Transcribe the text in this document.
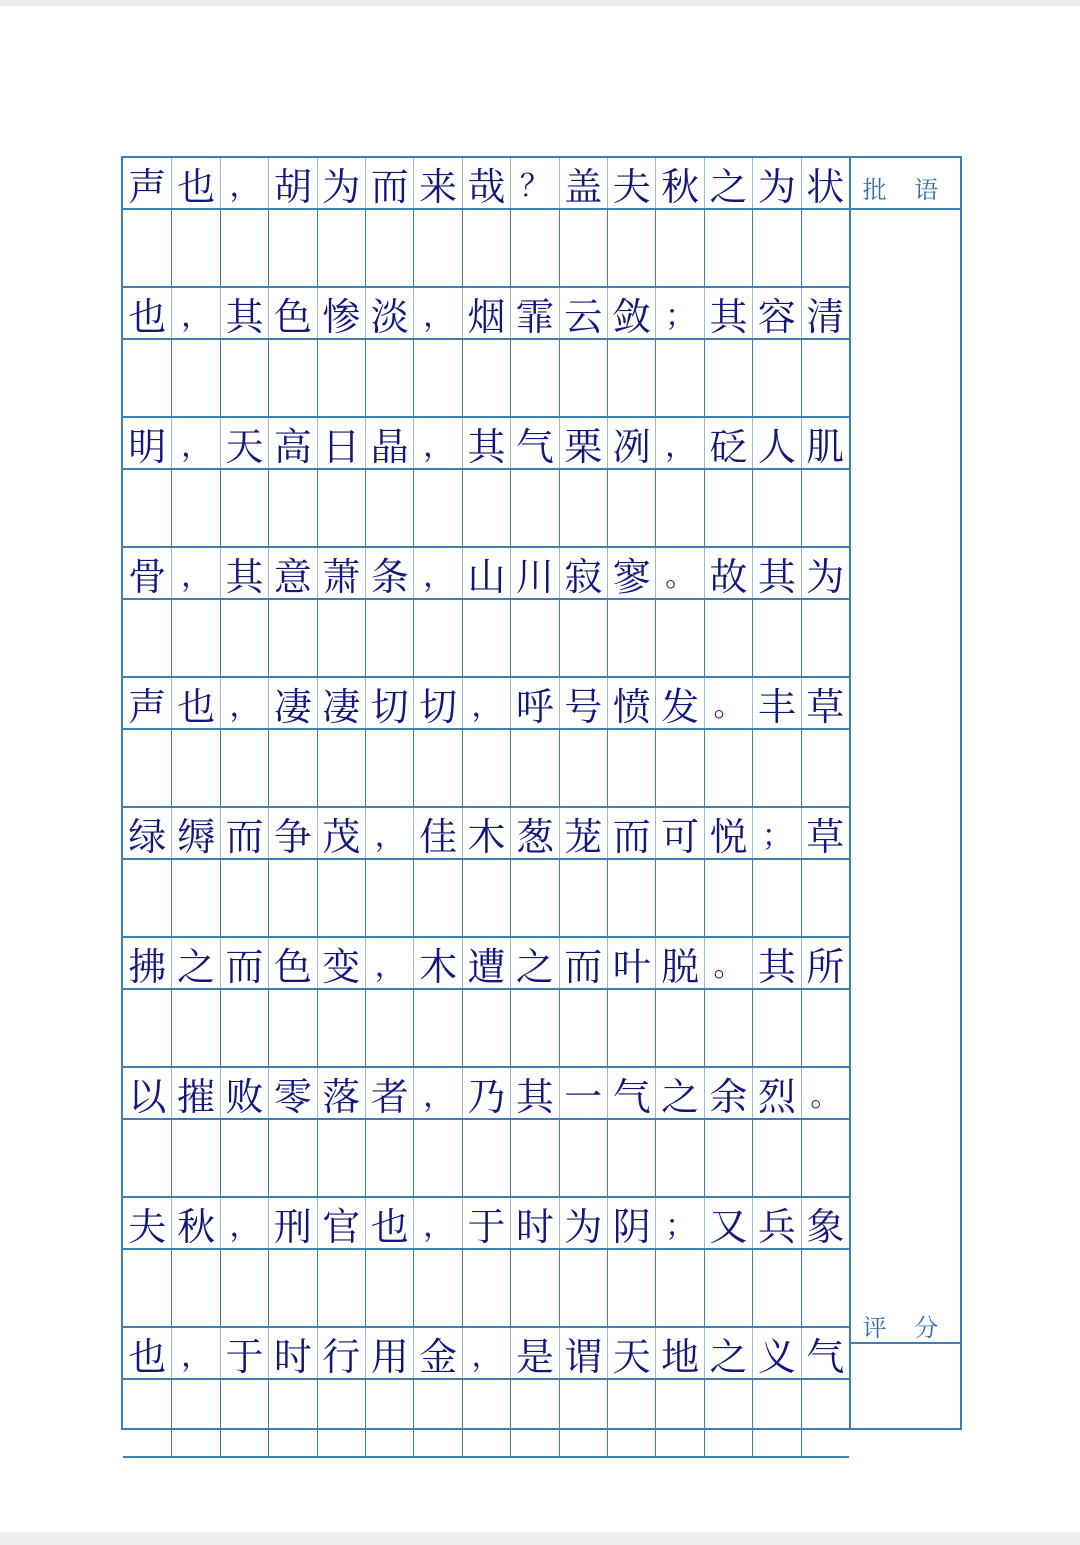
声 也 ， 胡 为 而 来 哉 ？ 盖 夫 秋 之 为 状
也 ， 其 色 惨 淡 ， 烟 霏 云 敛 ； 其 容 清
明 ， 天 高 日 晶 ， 其 气 栗 冽 ， 砭 人 肌
骨 ， 其 意 萧 条 ， 山 川 寂 寥 。 故 其 为
声 也 ， 凄 凄 切 切 ， 呼 号 愤 发 。 丰 草
绿 缛 而 争 茂 ， 佳 木 葱 茏 而 可 悦 ； 草
拂 之 而 色 变 ， 木 遭 之 而 叶 脱 。 其 所
以 摧 败 零 落 者 ， 乃 其 一 气 之 余 烈 。
夫 秋 ， 刑 官 也 ， 于 时 为 阴 ； 又 兵 象
也 ， 于 时 行 用 金 ， 是 谓 天 地 之 义 气
批 语
评 分
